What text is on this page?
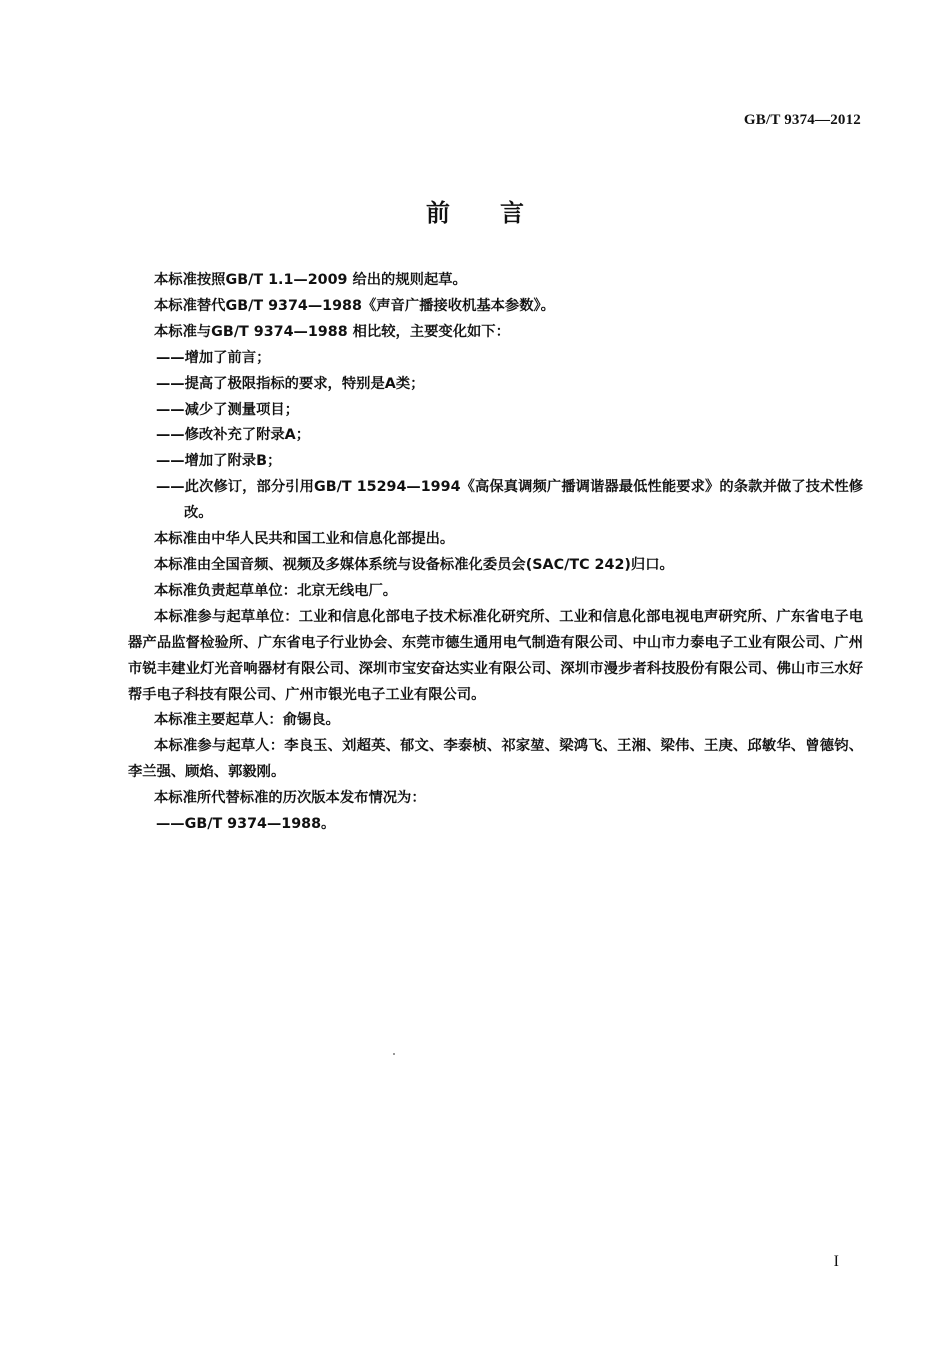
GB/T 9374—2012
前言

本标准按照GB/T 1.1—2009 给出的规则起草。

本标准替代GB/T 9374—1988《声音广播接收机基本参数》。

本标准与GB/T 9374—1988 相比较，主要变化如下：

——增加了前言；

——提高了极限指标的要求，特别是A类；

——减少了测量项目；

——修改补充了附录A；

——增加了附录B；

——此次修订，部分引用GB/T 15294—1994《高保真调频广播调谐器最低性能要求》的条款并做了技术性修改。

本标准由中华人民共和国工业和信息化部提出。

本标准由全国音频、视频及多媒体系统与设备标准化委员会(SAC/TC 242)归口。

本标准负责起草单位：北京无线电厂。

本标准参与起草单位：工业和信息化部电子技术标准化研究所、工业和信息化部电视电声研究所、广东省电子电器产品监督检验所、广东省电子行业协会、东莞市德生通用电气制造有限公司、中山市力泰电子工业有限公司、广州市锐丰建业灯光音响器材有限公司、深圳市宝安奋达实业有限公司、深圳市漫步者科技股份有限公司、佛山市三水好帮手电子科技有限公司、广州市银光电子工业有限公司。

本标准主要起草人：俞锡良。

本标准参与起草人：李良玉、刘超英、郁文、李泰桢、祁家堃、梁鸿飞、王湘、梁伟、王庚、邱敏华、曾德钧、李兰强、顾焰、郭毅刚。

本标准所代替标准的历次版本发布情况为：

——GB/T 9374—1988。

I
